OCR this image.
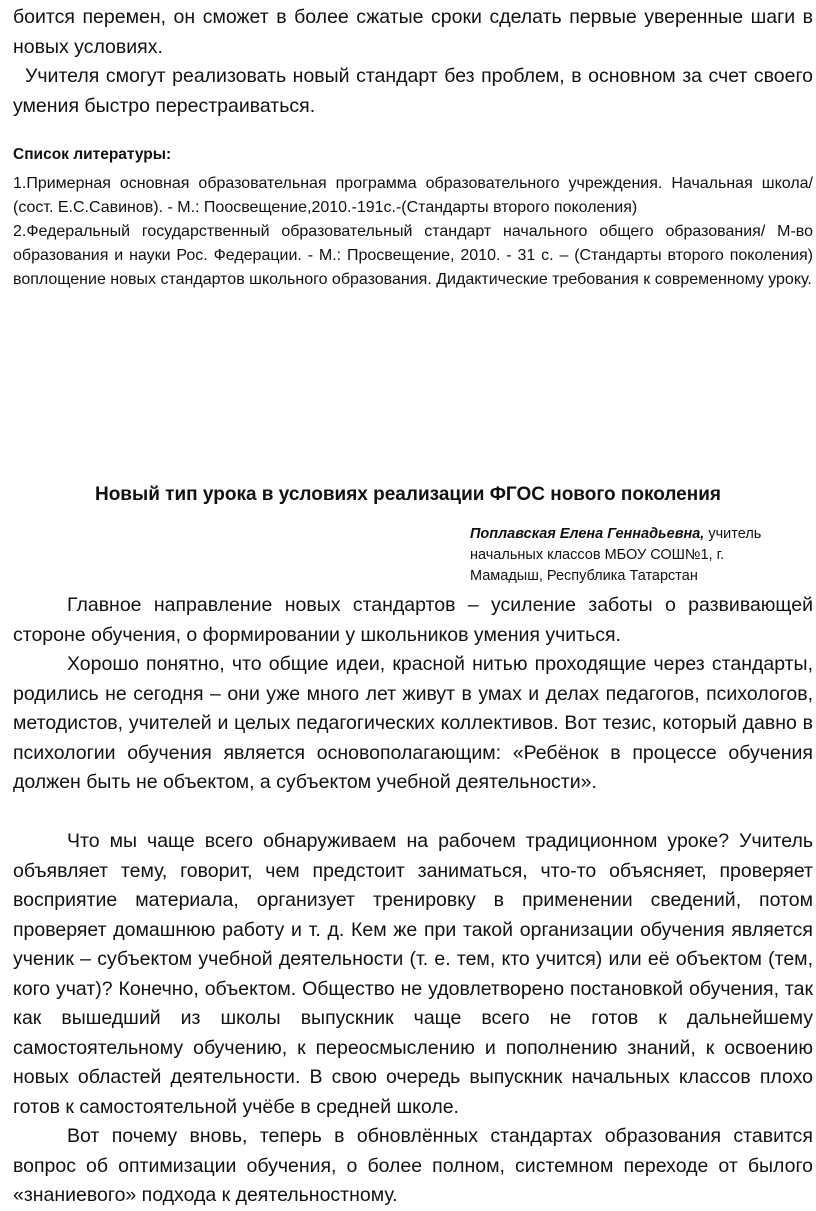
боится перемен, он сможет в более сжатые сроки сделать первые уверенные шаги в новых условиях.

Учителя смогут реализовать новый стандарт без проблем, в основном за счет своего умения быстро перестраиваться.

Список литературы:

1.Примерная основная образовательная программа образовательного учреждения. Начальная школа/ (сост. Е.С.Савинов). - М.: Поосвещение,2010.-191с.-(Стандарты второго поколения)

2.Федеральный государственный образовательный стандарт начального общего образования/ М-во образования и науки Рос. Федерации. - М.: Просвещение, 2010. - 31 с. – (Стандарты второго поколения) воплощение новых стандартов школьного образования. Дидактические требования к современному уроку.

Новый тип урока в условиях реализации ФГОС нового поколения
Поплавская Елена Геннадьевна, учитель
начальных классов МБОУ СОШ№1, г.
Мамадыш, Республика Татарстан

Главное направление новых стандартов – усиление заботы о развивающей стороне обучения, о формировании у школьников умения учиться.

Хорошо понятно, что общие идеи, красной нитью проходящие через стандарты, родились не сегодня – они уже много лет живут в умах и делах педагогов, психологов, методистов, учителей и целых педагогических коллективов. Вот тезис, который давно в психологии обучения является основополагающим: «Ребёнок в процессе обучения должен быть не объектом, а субъектом учебной деятельности».

Что мы чаще всего обнаруживаем на рабочем традиционном уроке? Учитель объявляет тему, говорит, чем предстоит заниматься, что-то объясняет, проверяет восприятие материала, организует тренировку в применении сведений, потом проверяет домашнюю работу и т. д. Кем же при такой организации обучения является ученик – субъектом учебной деятельности (т. е. тем, кто учится) или её объектом (тем, кого учат)? Конечно, объектом. Общество не удовлетворено постановкой обучения, так как вышедший из школы выпускник чаще всего не готов к дальнейшему самостоятельному обучению, к переосмыслению и пополнению знаний, к освоению новых областей деятельности. В свою очередь выпускник начальных классов плохо готов к самостоятельной учёбе в средней школе.

Вот почему вновь, теперь в обновлённых стандартах образования ставится вопрос об оптимизации обучения, о более полном, системном переходе от былого «знаниевого» подхода к деятельностному.
